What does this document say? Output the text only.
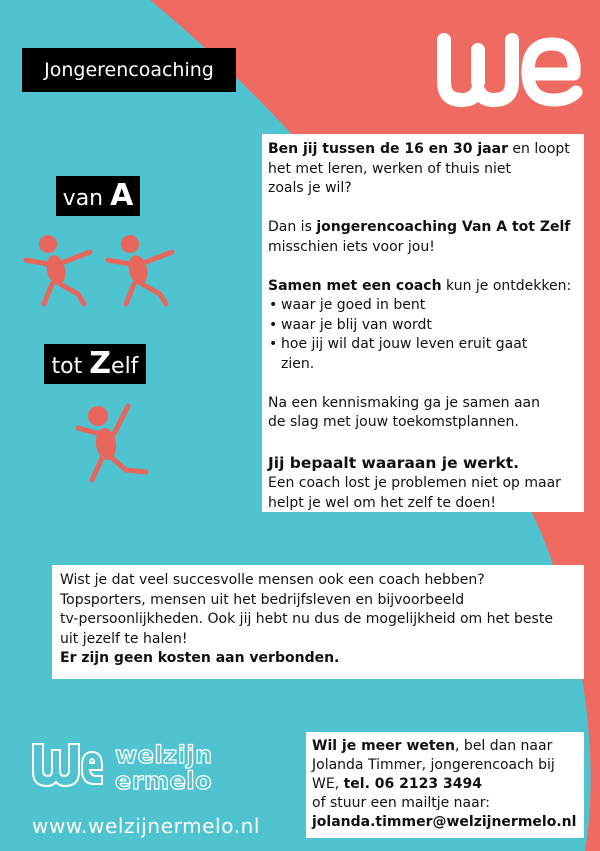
Jongerencoaching
van A
tot Zelf

Ben jij tussen de 16 en 30 jaar en loopt

het met leren, werken of thuis niet

zoals je wil?

Dan is jongerencoaching Van A tot Zelf

misschien iets voor jou!

Samen met een coach kun je ontdekken:

• waar je goed in bent
• waar je blij van wordt
• hoe jij wil dat jouw leven eruit gaat
zien.

Na een kennismaking ga je samen aan

de slag met jouw toekomstplannen.

Jij bepaalt waaraan je werkt.

Een coach lost je problemen niet op maar

helpt je wel om het zelf te doen!

Wist je dat veel succesvolle mensen ook een coach hebben?

Topsporters, mensen uit het bedrijfsleven en bijvoorbeeld

tv-persoonlijkheden. Ook jij hebt nu dus de mogelijkheid om het beste

uit jezelf te halen!

Er zijn geen kosten aan verbonden.

welzijn
ermelo
www.welzijnermelo.nl

Wil je meer weten, bel dan naar

Jolanda Timmer, jongerencoach bij

WE, tel. 06 2123 3494

of stuur een mailtje naar:

jolanda.timmer@welzijnermelo.nl
